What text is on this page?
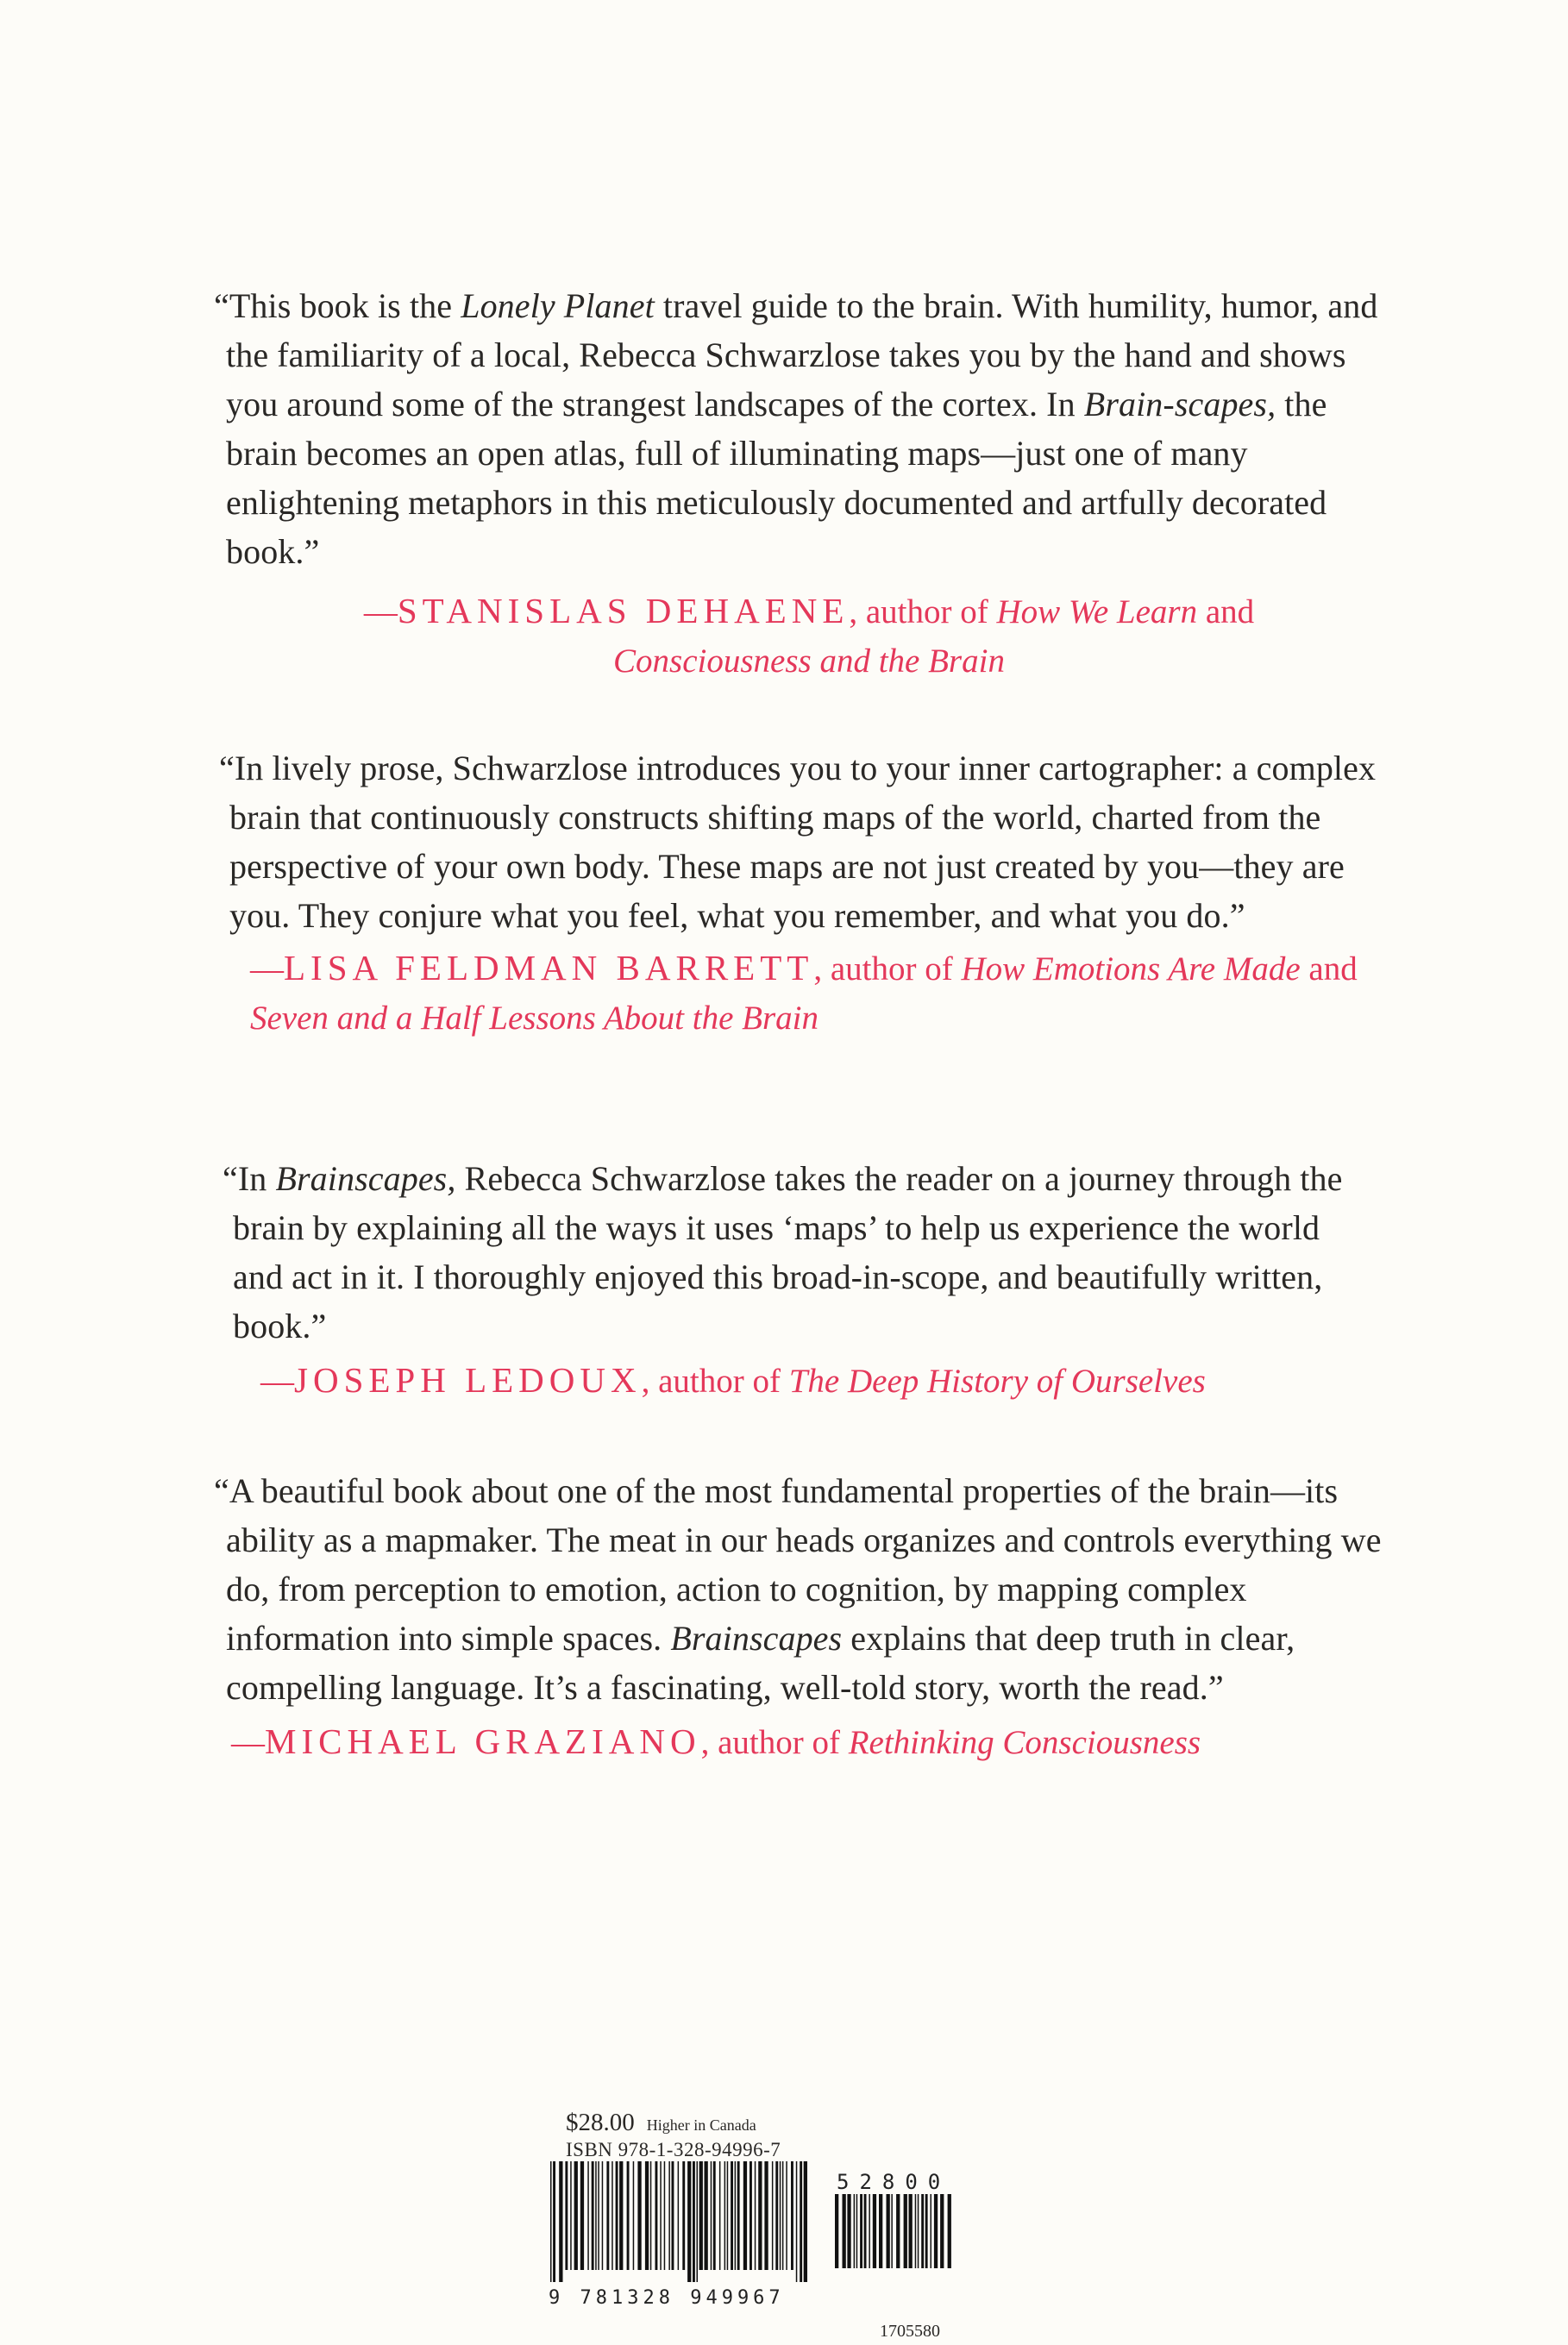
“This book is the Lonely Planet travel guide to the brain. With humility, humor, and the familiarity of a local, Rebecca Schwarzlose takes you by the hand and shows you around some of the strangest landscapes of the cortex. In Brain-scapes, the brain becomes an open atlas, full of illuminating maps—just one of many enlightening metaphors in this meticulously documented and artfully decorated book.”

—STANISLAS DEHAENE, author of How We Learn and Consciousness and the Brain

“In lively prose, Schwarzlose introduces you to your inner cartographer: a complex brain that continuously constructs shifting maps of the world, charted from the perspective of your own body. These maps are not just created by you—they are you. They conjure what you feel, what you remember, and what you do.”

—LISA FELDMAN BARRETT, author of How Emotions Are Made and Seven and a Half Lessons About the Brain

“In Brainscapes, Rebecca Schwarzlose takes the reader on a journey through the brain by explaining all the ways it uses ‘maps’ to help us experience the world and act in it. I thoroughly enjoyed this broad-in-scope, and beautifully written, book.”

—JOSEPH LEDOUX, author of The Deep History of Ourselves

“A beautiful book about one of the most fundamental properties of the brain—its ability as a mapmaker. The meat in our heads organizes and controls everything we do, from perception to emotion, action to cognition, by mapping complex information into simple spaces. Brainscapes explains that deep truth in clear, compelling language. It’s a fascinating, well-told story, worth the read.”

—MICHAEL GRAZIANO, author of Rethinking Consciousness

$28.00 Higher in Canada
ISBN 978-1-328-94996-7
9 781328 949967
52800
1705580
